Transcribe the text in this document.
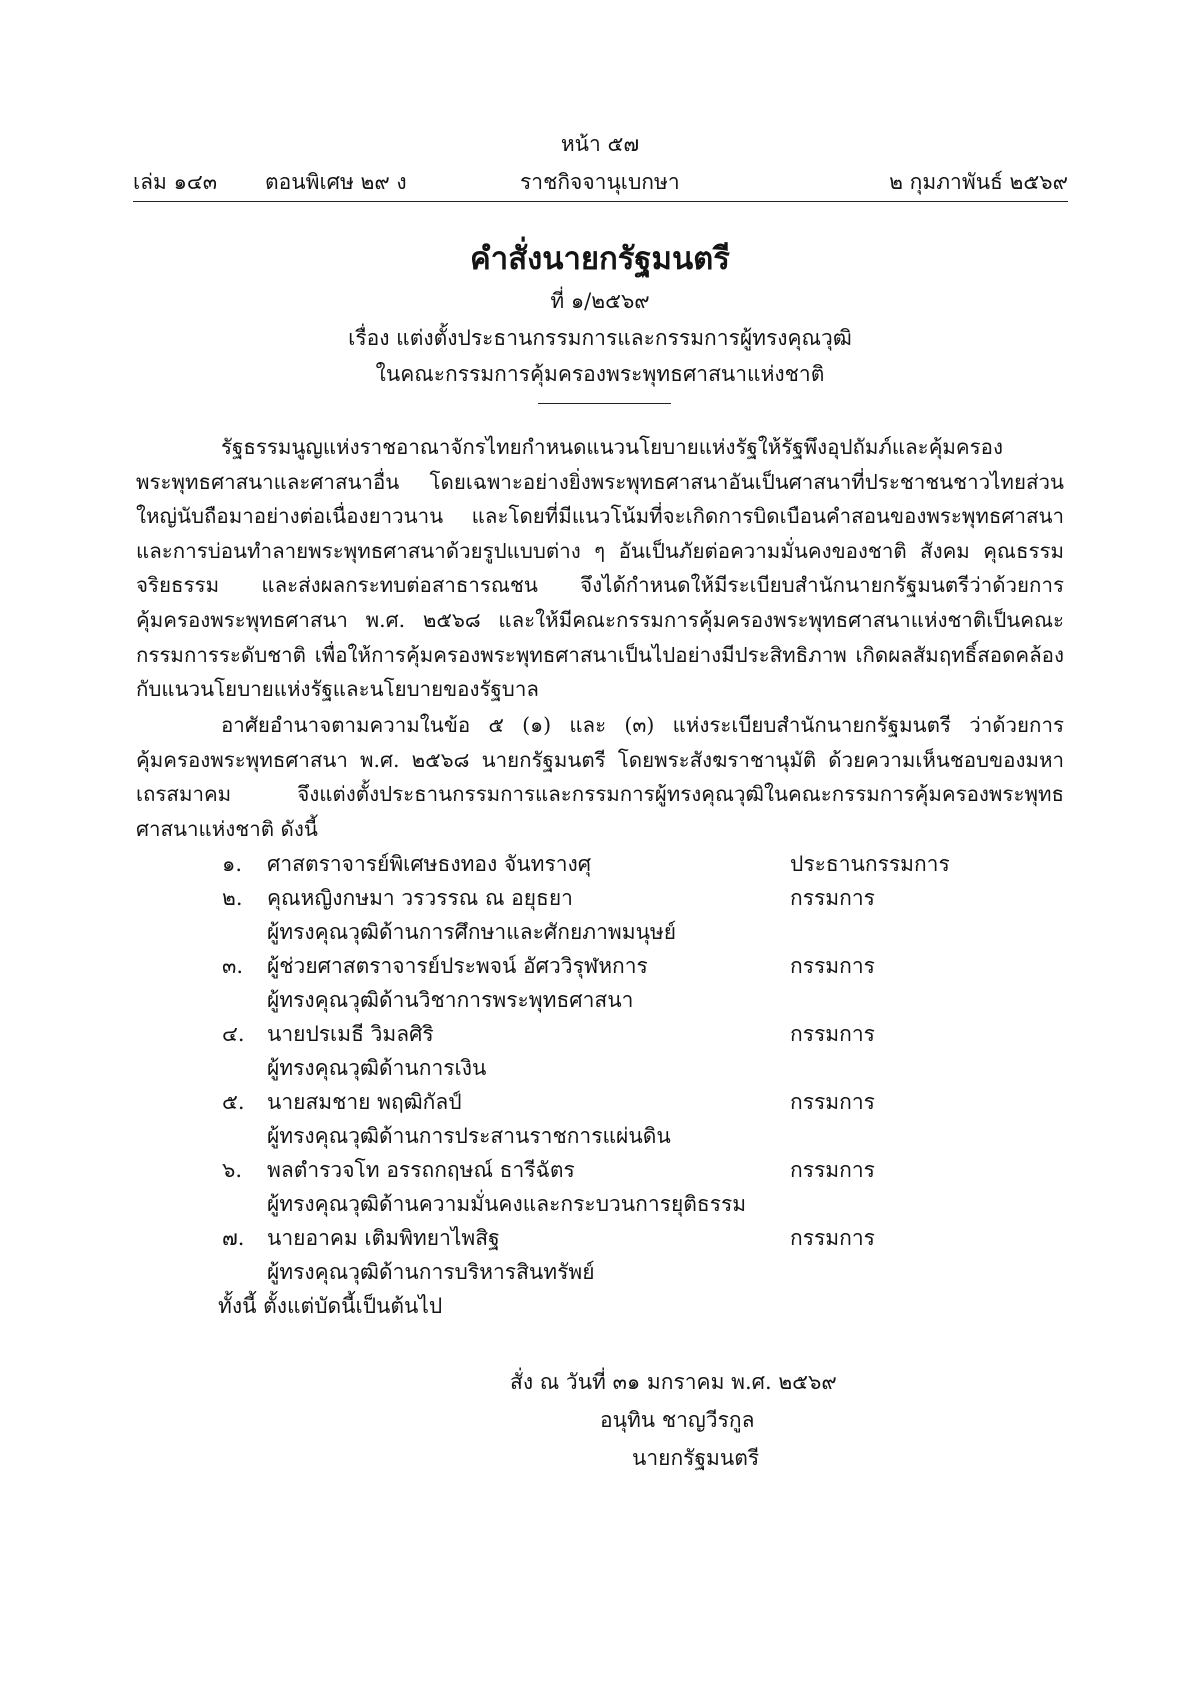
หน้า ๕๗
เล่ม ๑๔๓ ตอนพิเศษ ๒๙ ง	ราชกิจจานุเบกษา	๒ กุมภาพันธ์ ๒๕๖๙
คำสั่งนายกรัฐมนตรี
ที่ ๑/๒๕๖๙
เรื่อง แต่งตั้งประธานกรรมการและกรรมการผู้ทรงคุณวุฒิ
ในคณะกรรมการคุ้มครองพระพุทธศาสนาแห่งชาติ

รัฐธรรมนูญแห่งราชอาณาจักรไทยกำหนดแนวนโยบายแห่งรัฐให้รัฐพึงอุปถัมภ์และคุ้มครองพระพุทธศาสนาและศาสนาอื่น โดยเฉพาะอย่างยิ่งพระพุทธศาสนาอันเป็นศาสนาที่ประชาชนชาวไทยส่วนใหญ่นับถือมาอย่างต่อเนื่องยาวนาน และโดยที่มีแนวโน้มที่จะเกิดการบิดเบือนคำสอนของพระพุทธศาสนาและการบ่อนทำลายพระพุทธศาสนาด้วยรูปแบบต่าง ๆ อันเป็นภัยต่อความมั่นคงของชาติ สังคม คุณธรรม จริยธรรม และส่งผลกระทบต่อสาธารณชน จึงได้กำหนดให้มีระเบียบสำนักนายกรัฐมนตรีว่าด้วยการคุ้มครองพระพุทธศาสนา พ.ศ. ๒๕๖๘ และให้มีคณะกรรมการคุ้มครองพระพุทธศาสนาแห่งชาติเป็นคณะกรรมการระดับชาติ เพื่อให้การคุ้มครองพระพุทธศาสนาเป็นไปอย่างมีประสิทธิภาพ เกิดผลสัมฤทธิ์สอดคล้องกับแนวนโยบายแห่งรัฐและนโยบายของรัฐบาล

อาศัยอำนาจตามความในข้อ ๕ (๑) และ (๓) แห่งระเบียบสำนักนายกรัฐมนตรี ว่าด้วยการคุ้มครองพระพุทธศาสนา พ.ศ. ๒๕๖๘ นายกรัฐมนตรี โดยพระสังฆราชานุมัติ ด้วยความเห็นชอบของมหาเถรสมาคม จึงแต่งตั้งประธานกรรมการและกรรมการผู้ทรงคุณวุฒิในคณะกรรมการคุ้มครองพระพุทธศาสนาแห่งชาติ ดังนี้

๑. ศาสตราจารย์พิเศษธงทอง จันทรางศุ	ประธานกรรมการ
๒. คุณหญิงกษมา วรวรรณ ณ อยุธยา	กรรมการ
ผู้ทรงคุณวุฒิด้านการศึกษาและศักยภาพมนุษย์
๓. ผู้ช่วยศาสตราจารย์ประพจน์ อัศววิรุฬหการ	กรรมการ
ผู้ทรงคุณวุฒิด้านวิชาการพระพุทธศาสนา
๔. นายปรเมธี วิมลศิริ	กรรมการ
ผู้ทรงคุณวุฒิด้านการเงิน
๕. นายสมชาย พฤฒิกัลป์	กรรมการ
ผู้ทรงคุณวุฒิด้านการประสานราชการแผ่นดิน
๖. พลตำรวจโท อรรถกฤษณ์ ธารีฉัตร	กรรมการ
ผู้ทรงคุณวุฒิด้านความมั่นคงและกระบวนการยุติธรรม
๗. นายอาคม เติมพิทยาไพสิฐ	กรรมการ
ผู้ทรงคุณวุฒิด้านการบริหารสินทรัพย์
ทั้งนี้ ตั้งแต่บัดนี้เป็นต้นไป
สั่ง ณ วันที่ ๓๑ มกราคม พ.ศ. ๒๕๖๙
อนุทิน ชาญวีรกูล
นายกรัฐมนตรี
